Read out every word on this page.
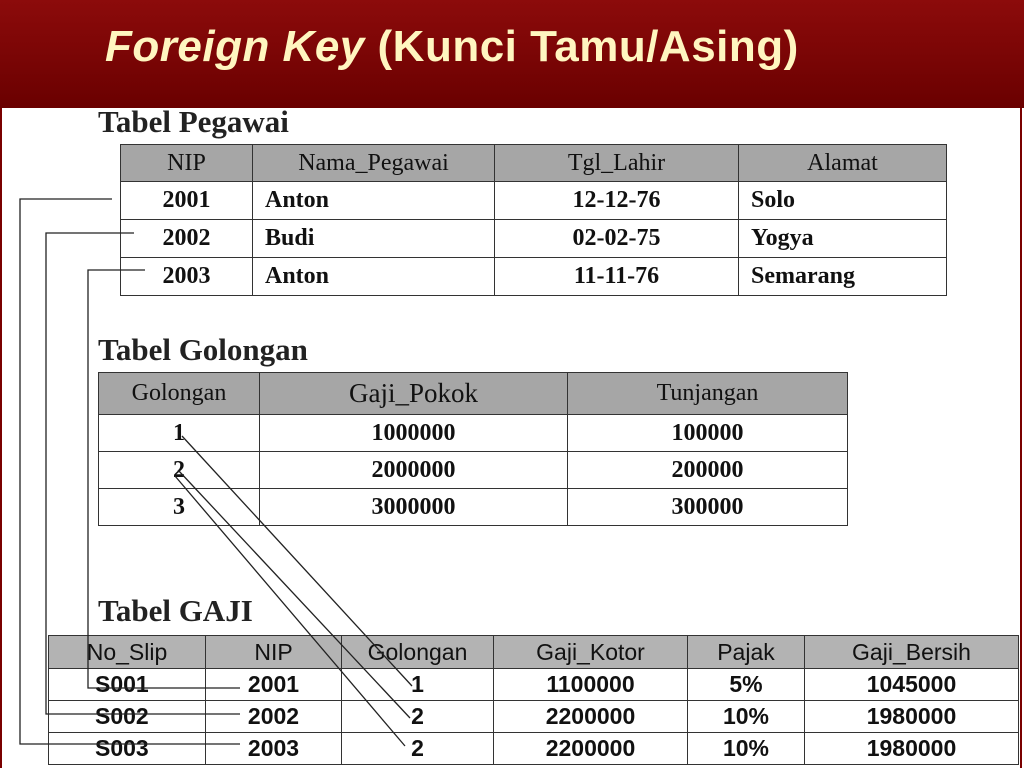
Foreign Key (Kunci Tamu/Asing)
Tabel Pegawai
NIP	Nama_Pegawai	Tgl_Lahir	Alamat
2001	Anton	12-12-76	Solo
2002	Budi	02-02-75	Yogya
2003	Anton	11-11-76	Semarang
Tabel Golongan
Golongan	Gaji_Pokok	Tunjangan
1	1000000	100000
2	2000000	200000
3	3000000	300000
Tabel GAJI
No_Slip	NIP	Golongan	Gaji_Kotor	Pajak	Gaji_Bersih
S001	2001	1	1100000	5%	1045000
S002	2002	2	2200000	10%	1980000
S003	2003	2	2200000	10%	1980000
